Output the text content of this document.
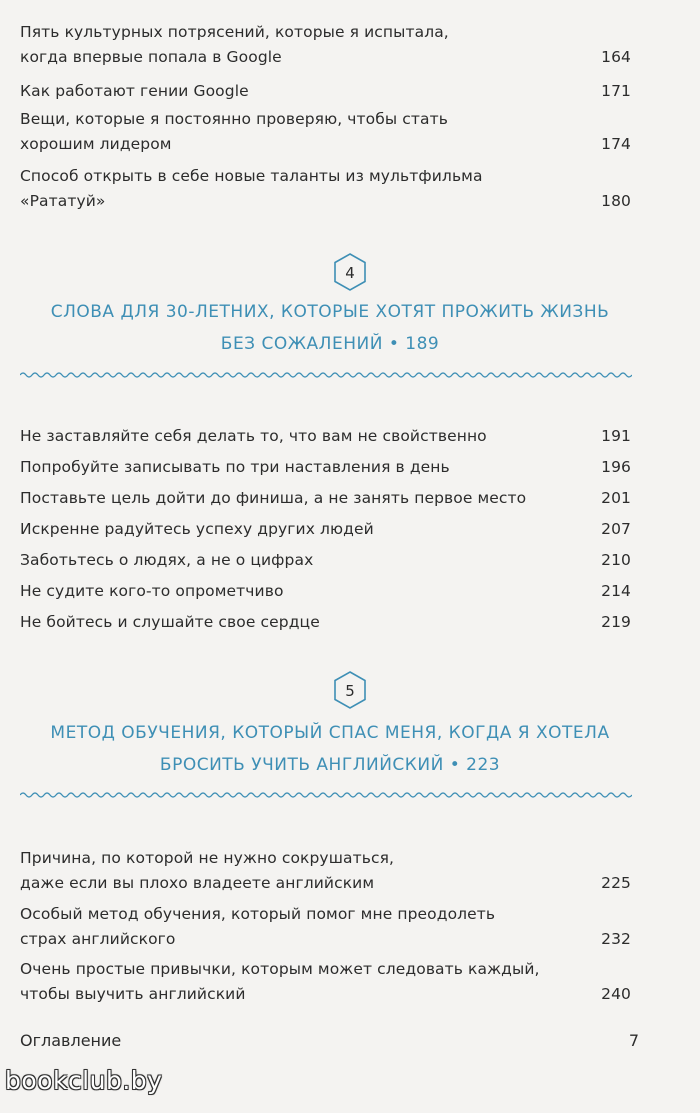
Пять культурных потрясений, которые я испытала,
когда впервые попала в Google	164
Как работают гении Google	171
Вещи, которые я постоянно проверяю, чтобы стать
хорошим лидером	174
Способ открыть в себе новые таланты из мультфильма
«Рататуй»	180
4
СЛОВА ДЛЯ 30-ЛЕТНИХ, КОТОРЫЕ ХОТЯТ ПРОЖИТЬ ЖИЗНЬ
БЕЗ СОЖАЛЕНИЙ • 189
Не заставляйте себя делать то, что вам не свойственно	191
Попробуйте записывать по три наставления в день	196
Поставьте цель дойти до финиша, а не занять первое место	201
Искренне радуйтесь успеху других людей	207
Заботьтесь о людях, а не о цифрах	210
Не судите кого-то опрометчиво	214
Не бойтесь и слушайте свое сердце	219
5
МЕТОД ОБУЧЕНИЯ, КОТОРЫЙ СПАС МЕНЯ, КОГДА Я ХОТЕЛА
БРОСИТЬ УЧИТЬ АНГЛИЙСКИЙ • 223
Причина, по которой не нужно сокрушаться,
даже если вы плохо владеете английским	225
Особый метод обучения, который помог мне преодолеть
страх английского	232
Очень простые привычки, которым может следовать каждый,
чтобы выучить английский	240
Оглавление	7
bookclub.by
